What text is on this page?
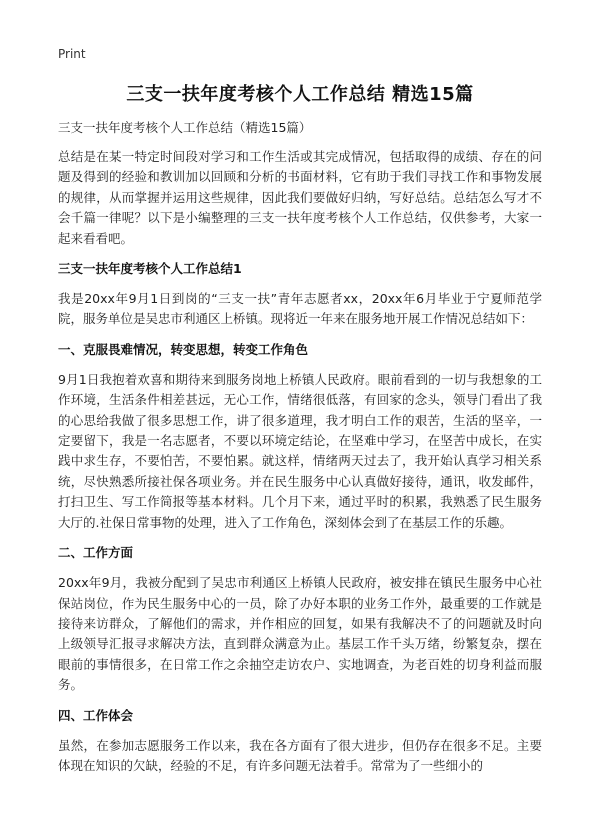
Print
三支一扶年度考核个人工作总结 精选15篇
三支一扶年度考核个人工作总结（精选15篇）

总结是在某一特定时间段对学习和工作生活或其完成情况，包括取得的成绩、存在的问题及得到的经验和教训加以回顾和分析的书面材料，它有助于我们寻找工作和事物发展的规律，从而掌握并运用这些规律，因此我们要做好归纳，写好总结。总结怎么写才不会千篇一律呢？以下是小编整理的三支一扶年度考核个人工作总结，仅供参考，大家一起来看看吧。

三支一扶年度考核个人工作总结1

我是20xx年9月1日到岗的“三支一扶”青年志愿者xx，20xx年6月毕业于宁夏师范学院，服务单位是吴忠市利通区上桥镇。现将近一年来在服务地开展工作情况总结如下：

一、克服畏难情况，转变思想，转变工作角色

9月1日我抱着欢喜和期待来到服务岗地上桥镇人民政府。眼前看到的一切与我想象的工作环境，生活条件相差甚远，无心工作，情绪很低落，有回家的念头，领导门看出了我的心思给我做了很多思想工作，讲了很多道理，我才明白工作的艰苦，生活的坚辛，一定要留下，我是一名志愿者，不要以环境定结论，在坚难中学习，在坚苦中成长，在实践中求生存，不要怕苦，不要怕累。就这样，情绪两天过去了，我开始认真学习相关系统，尽快熟悉所接社保各项业务。并在民生服务中心认真做好接待，通讯，收发邮件，打扫卫生、写工作简报等基本材料。几个月下来，通过平时的积累，我熟悉了民生服务大厅的.社保日常事物的处理，进入了工作角色，深刻体会到了在基层工作的乐趣。

二、工作方面

20xx年9月，我被分配到了吴忠市利通区上桥镇人民政府，被安排在镇民生服务中心社保站岗位，作为民生服务中心的一员，除了办好本职的业务工作外，最重要的工作就是接待来访群众，了解他们的需求，并作相应的回复，如果有我解决不了的问题就及时向上级领导汇报寻求解决方法，直到群众满意为止。基层工作千头万绪，纷繁复杂，摆在眼前的事情很多，在日常工作之余抽空走访农户、实地调查，为老百姓的切身利益而服务。

四、工作体会

虽然，在参加志愿服务工作以来，我在各方面有了很大进步，但仍存在很多不足。主要体现在知识的欠缺，经验的不足，有许多问题无法着手。常常为了一些细小的
